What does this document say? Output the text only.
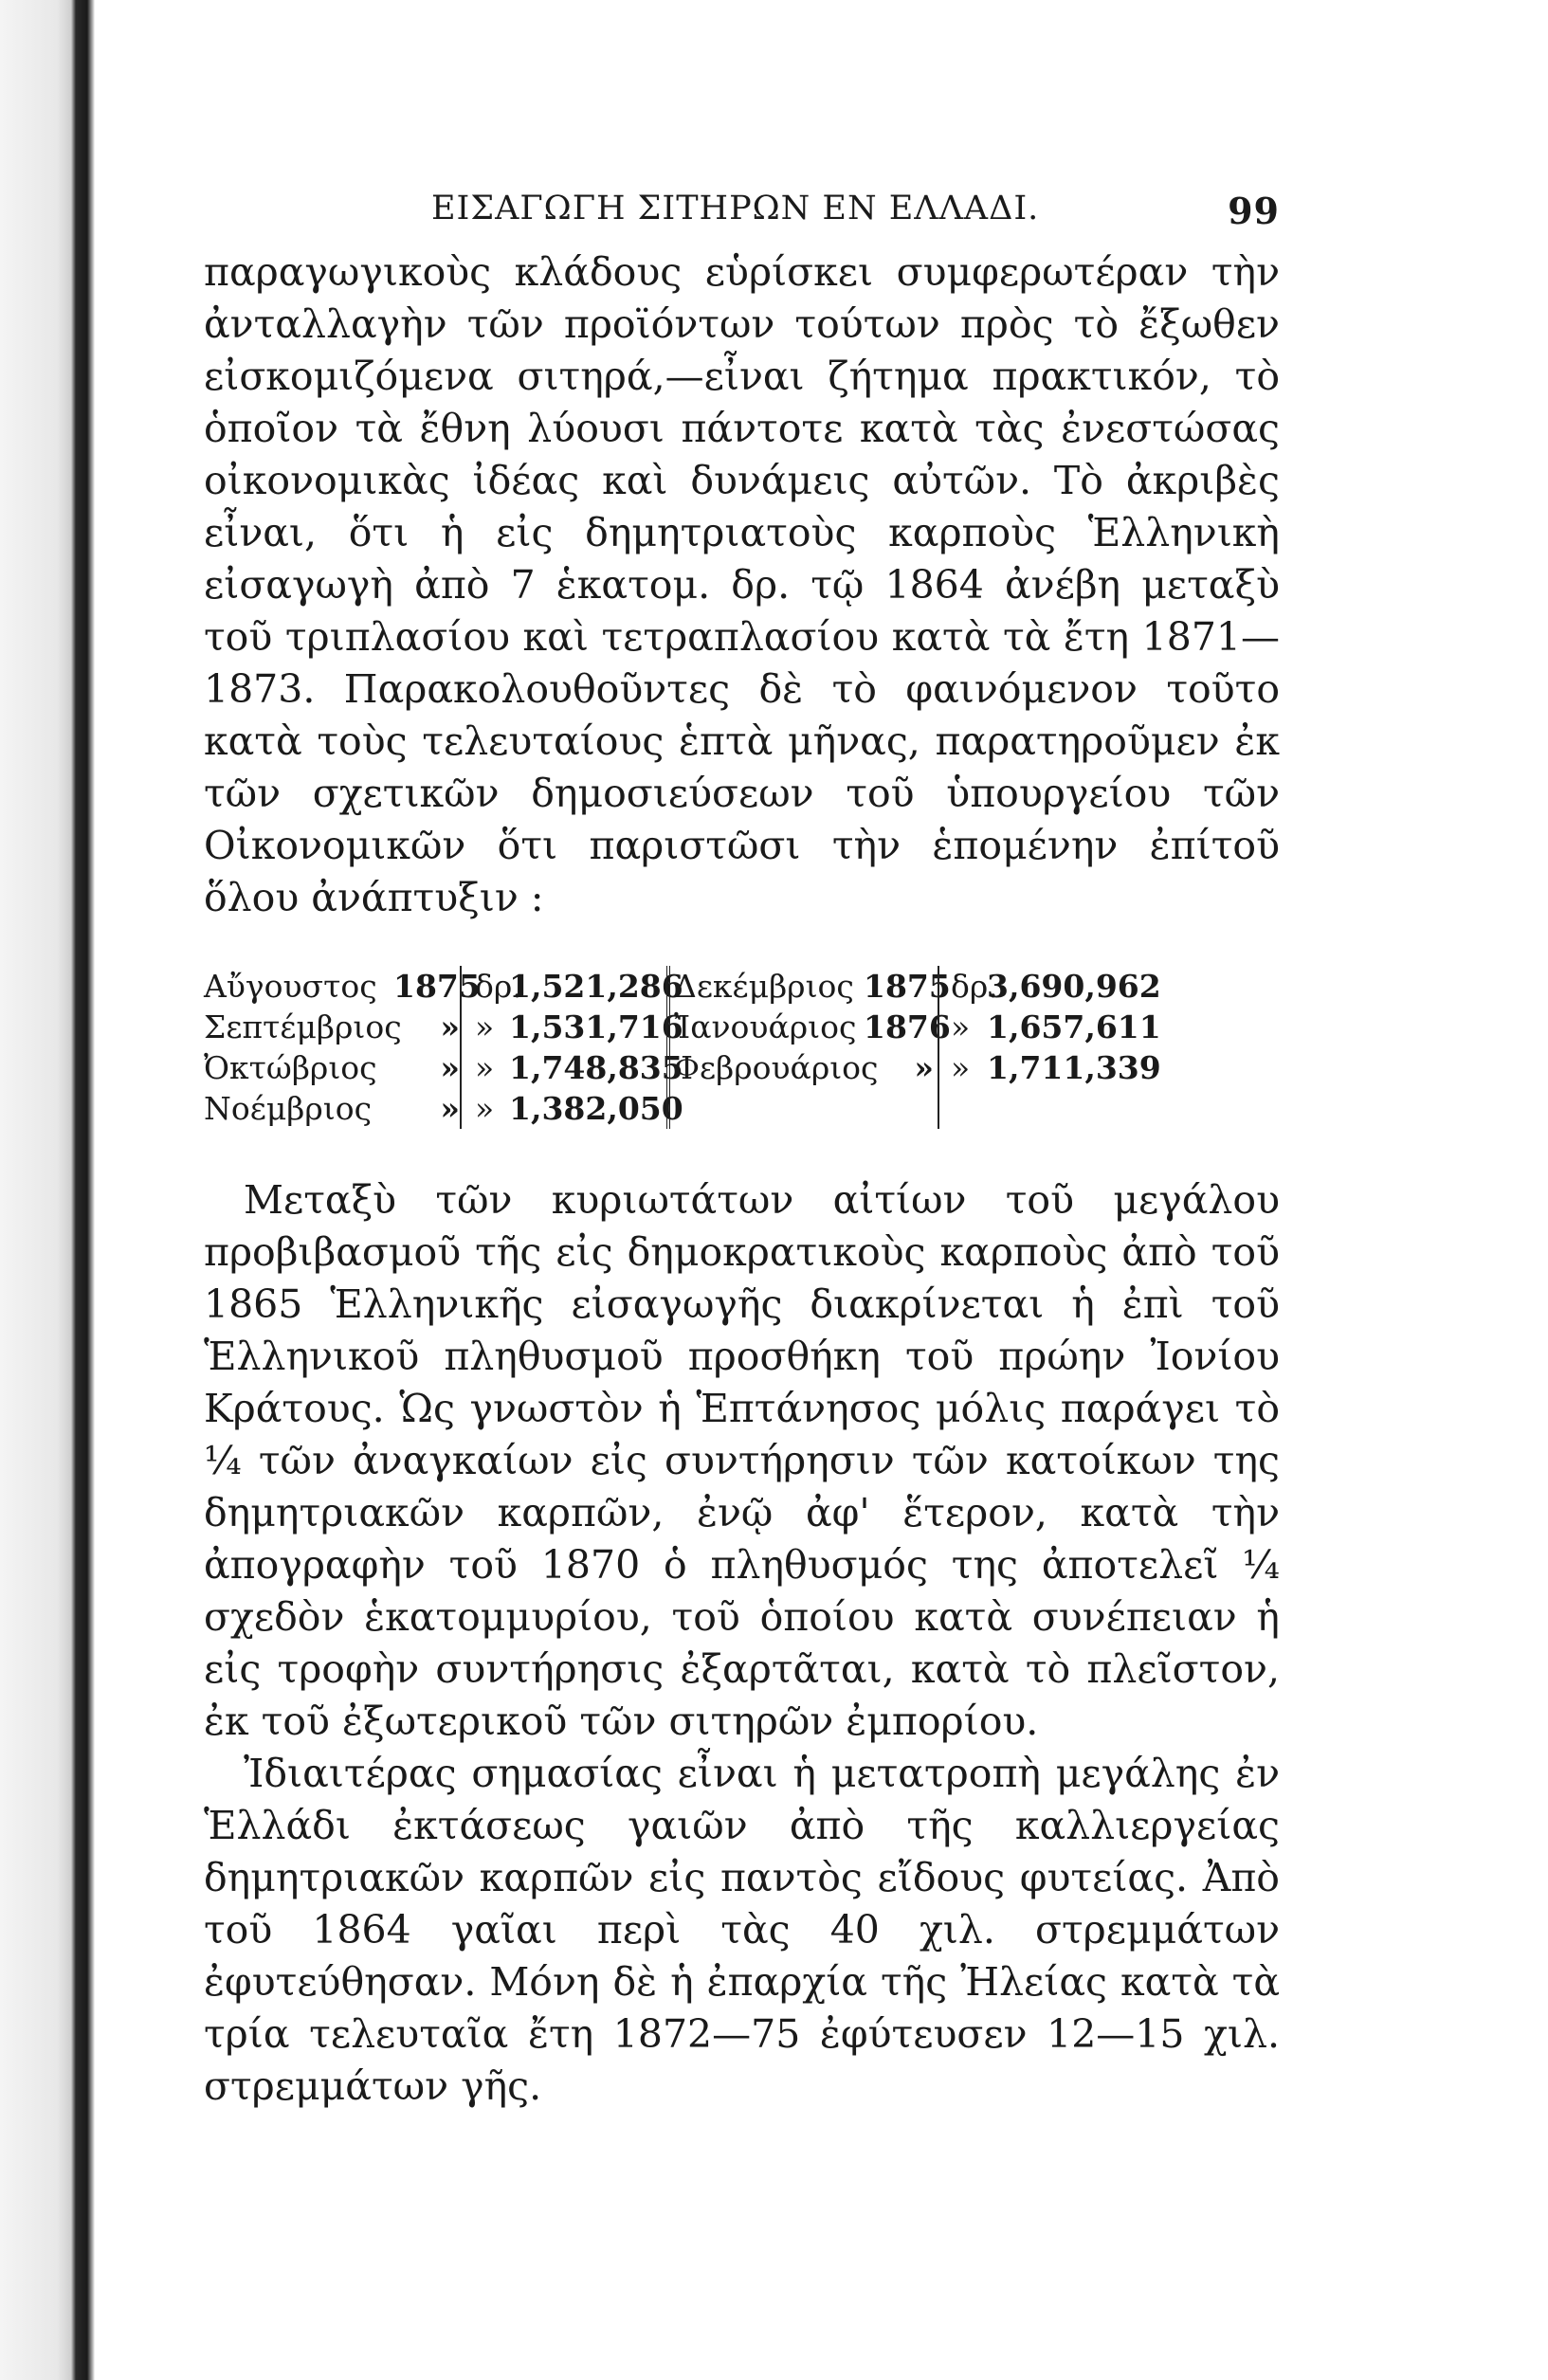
ΕΙΣΑΓΩΓΗ ΣΙΤΗΡΩΝ ΕΝ ΕΛΛΑΔΙ.	99

παραγωγικοὺς κλάδους εὑρίσκει συμφερωτέραν τὴν ἀνταλλαγὴν τῶν προϊόντων τούτων πρὸς τὸ ἔξωθεν εἰσκομιζόμενα σιτηρά,—εἶναι ζήτημα πρακτικόν, τὸ ὁποῖον τὰ ἔθνη λύουσι πάντοτε κατὰ τὰς ἐνεστώσας οἰκονομικὰς ἰδέας καὶ δυνάμεις αὐτῶν. Τὸ ἀκριβὲς εἶναι, ὅτι ἡ εἰς δημητριατοὺς καρποὺς Ἑλληνικὴ εἰσαγωγὴ ἀπὸ 7 ἑκατομ. δρ. τῷ 1864 ἀνέβη μεταξὺ τοῦ τριπλασίου καὶ τετραπλασίου κατὰ τὰ ἔτη 1871—1873. Παρακολουθοῦντες δὲ τὸ φαινόμενον τοῦτο κατὰ τοὺς τελευταίους ἑπτὰ μῆνας, παρατηροῦμεν ἐκ τῶν σχετικῶν δημοσιεύσεων τοῦ ὑπουργείου τῶν Οἰκονομικῶν ὅτι παριστῶσι τὴν ἑπομένην ἐπίτοῦ ὅλου ἀνάπτυξιν :

Αὔγουστος
Σεπτέμβριος
Ὀκτώβριος
Νοέμβριος
1875
»
»
»
δρ.
»
»
»
1,521,286
1,531,716
1,748,835
1,382,050
Δεκέμβριος
Ἰανουάριος
Φεβρουάριος
1875
1876
»
δρ.
»
»
3,690,962
1,657,611
1,711,339

Μεταξὺ τῶν κυριωτάτων αἰτίων τοῦ μεγάλου προβιβασμοῦ τῆς εἰς δημοκρατικοὺς καρποὺς ἀπὸ τοῦ 1865 Ἑλληνικῆς εἰσαγωγῆς διακρίνεται ἡ ἐπὶ τοῦ Ἑλληνικοῦ πληθυσμοῦ προσθήκη τοῦ πρώην Ἰονίου Κράτους. Ὡς γνωστὸν ἡ Ἑπτάνησος μόλις παράγει τὸ ¼ τῶν ἀναγκαίων εἰς συντήρησιν τῶν κατοίκων της δημητριακῶν καρπῶν, ἐνῷ ἀφ' ἕτερον, κατὰ τὴν ἀπογραφὴν τοῦ 1870 ὁ πληθυσμός της ἀποτελεῖ ¼ σχεδὸν ἑκατομμυρίου, τοῦ ὁποίου κατὰ συνέπειαν ἡ εἰς τροφὴν συντήρησις ἐξαρτᾶται, κατὰ τὸ πλεῖστον, ἐκ τοῦ ἐξωτερικοῦ τῶν σιτηρῶν ἐμπορίου.

Ἰδιαιτέρας σημασίας εἶναι ἡ μετατροπὴ μεγάλης ἐν Ἑλλάδι ἐκτάσεως γαιῶν ἀπὸ τῆς καλλιεργείας δημητριακῶν καρπῶν εἰς παντὸς εἴδους φυτείας. Ἀπὸ τοῦ 1864 γαῖαι περὶ τὰς 40 χιλ. στρεμμάτων ἐφυτεύθησαν. Μόνη δὲ ἡ ἐπαρχία τῆς Ἠλείας κατὰ τὰ τρία τελευταῖα ἔτη 1872—75 ἐφύτευσεν 12—15 χιλ. στρεμμάτων γῆς.
